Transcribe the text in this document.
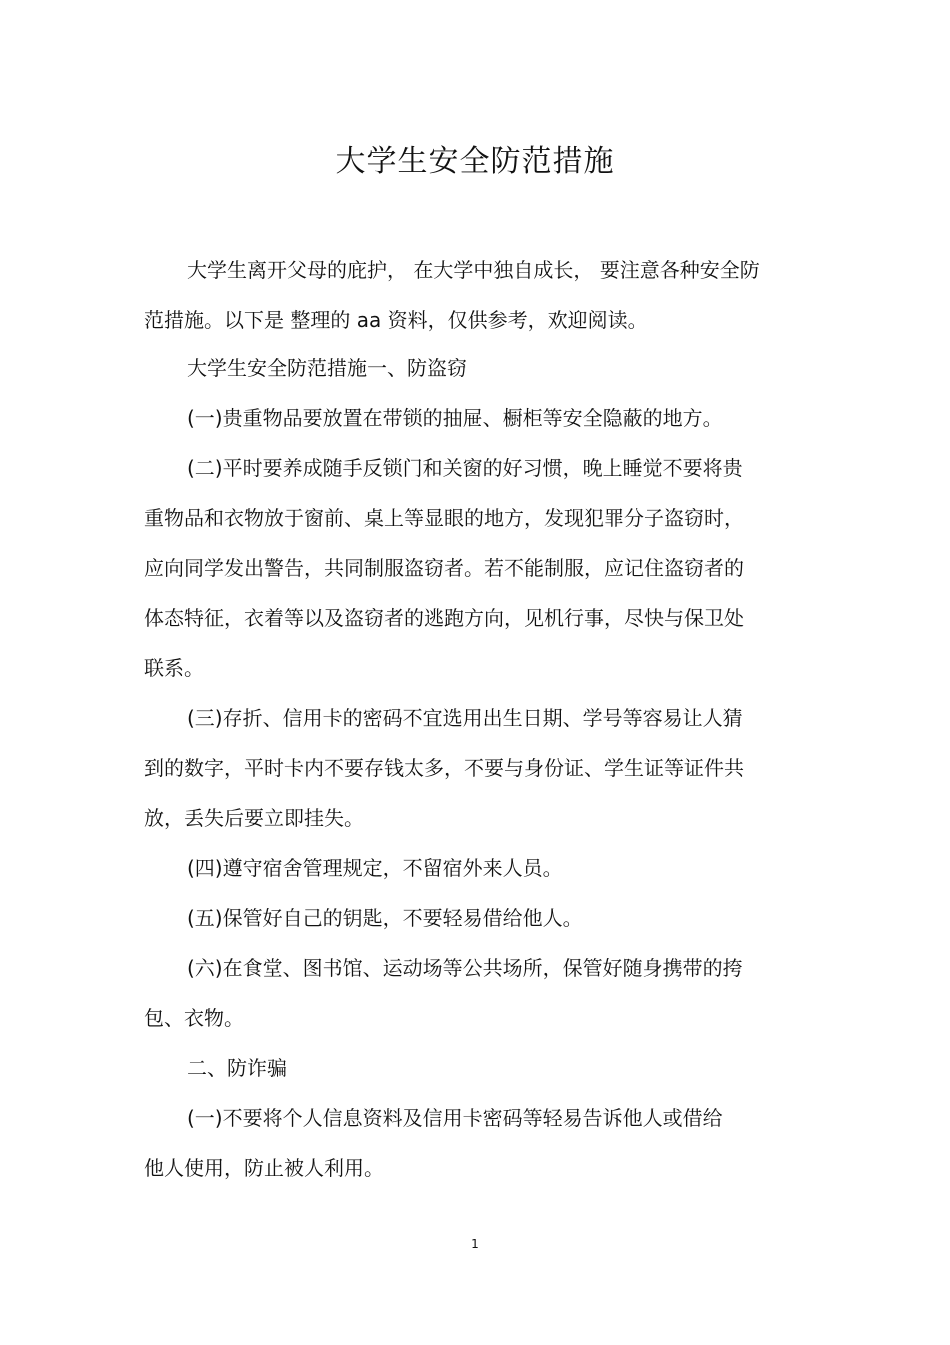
大学生安全防范措施

大学生离开父母的庇护， 在大学中独自成长， 要注意各种安全防

范措施。以下是 整理的 aa 资料，仅供参考，欢迎阅读。

大学生安全防范措施一、防盗窃

(一)贵重物品要放置在带锁的抽屉、橱柜等安全隐蔽的地方。

(二)平时要养成随手反锁门和关窗的好习惯，晚上睡觉不要将贵

重物品和衣物放于窗前、桌上等显眼的地方，发现犯罪分子盗窃时，

应向同学发出警告，共同制服盗窃者。若不能制服，应记住盗窃者的

体态特征，衣着等以及盗窃者的逃跑方向，见机行事，尽快与保卫处

联系。

(三)存折、信用卡的密码不宜选用出生日期、学号等容易让人猜

到的数字，平时卡内不要存钱太多，不要与身份证、学生证等证件共

放，丢失后要立即挂失。

(四)遵守宿舍管理规定，不留宿外来人员。

(五)保管好自己的钥匙，不要轻易借给他人。

(六)在食堂、图书馆、运动场等公共场所，保管好随身携带的挎

包、衣物。

二、防诈骗

(一)不要将个人信息资料及信用卡密码等轻易告诉他人或借给

他人使用，防止被人利用。

1
